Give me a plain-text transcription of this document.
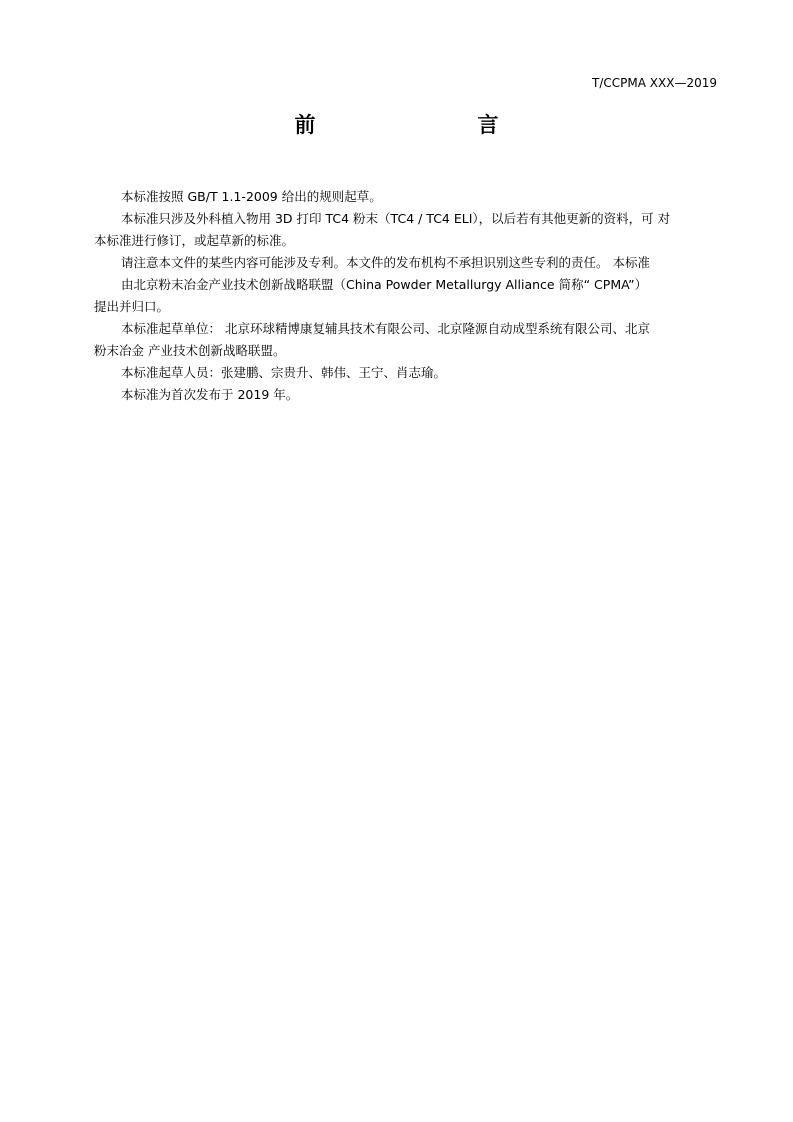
T/CCPMA XXX—2019
前　　言

本标准按照 GB/T 1.1-2009 给出的规则起草。

本标准只涉及外科植入物用 3D 打印 TC4 粉末（TC4 / TC4 ELI），以后若有其他更新的资料，可 对
本标准进行修订，或起草新的标准。

请注意本文件的某些内容可能涉及专利。本文件的发布机构不承担识别这些专利的责任。 本标准
由北京粉末冶金产业技术创新战略联盟（China Powder Metallurgy Alliance 简称“ CPMA”）
提出并归口。

本标准起草单位： 北京环球精博康复辅具技术有限公司、北京隆源自动成型系统有限公司、北京
粉末冶金 产业技术创新战略联盟。

本标准起草人员：张建鹏、宗贵升、韩伟、王宁、肖志瑜。

本标准为首次发布于 2019 年。
